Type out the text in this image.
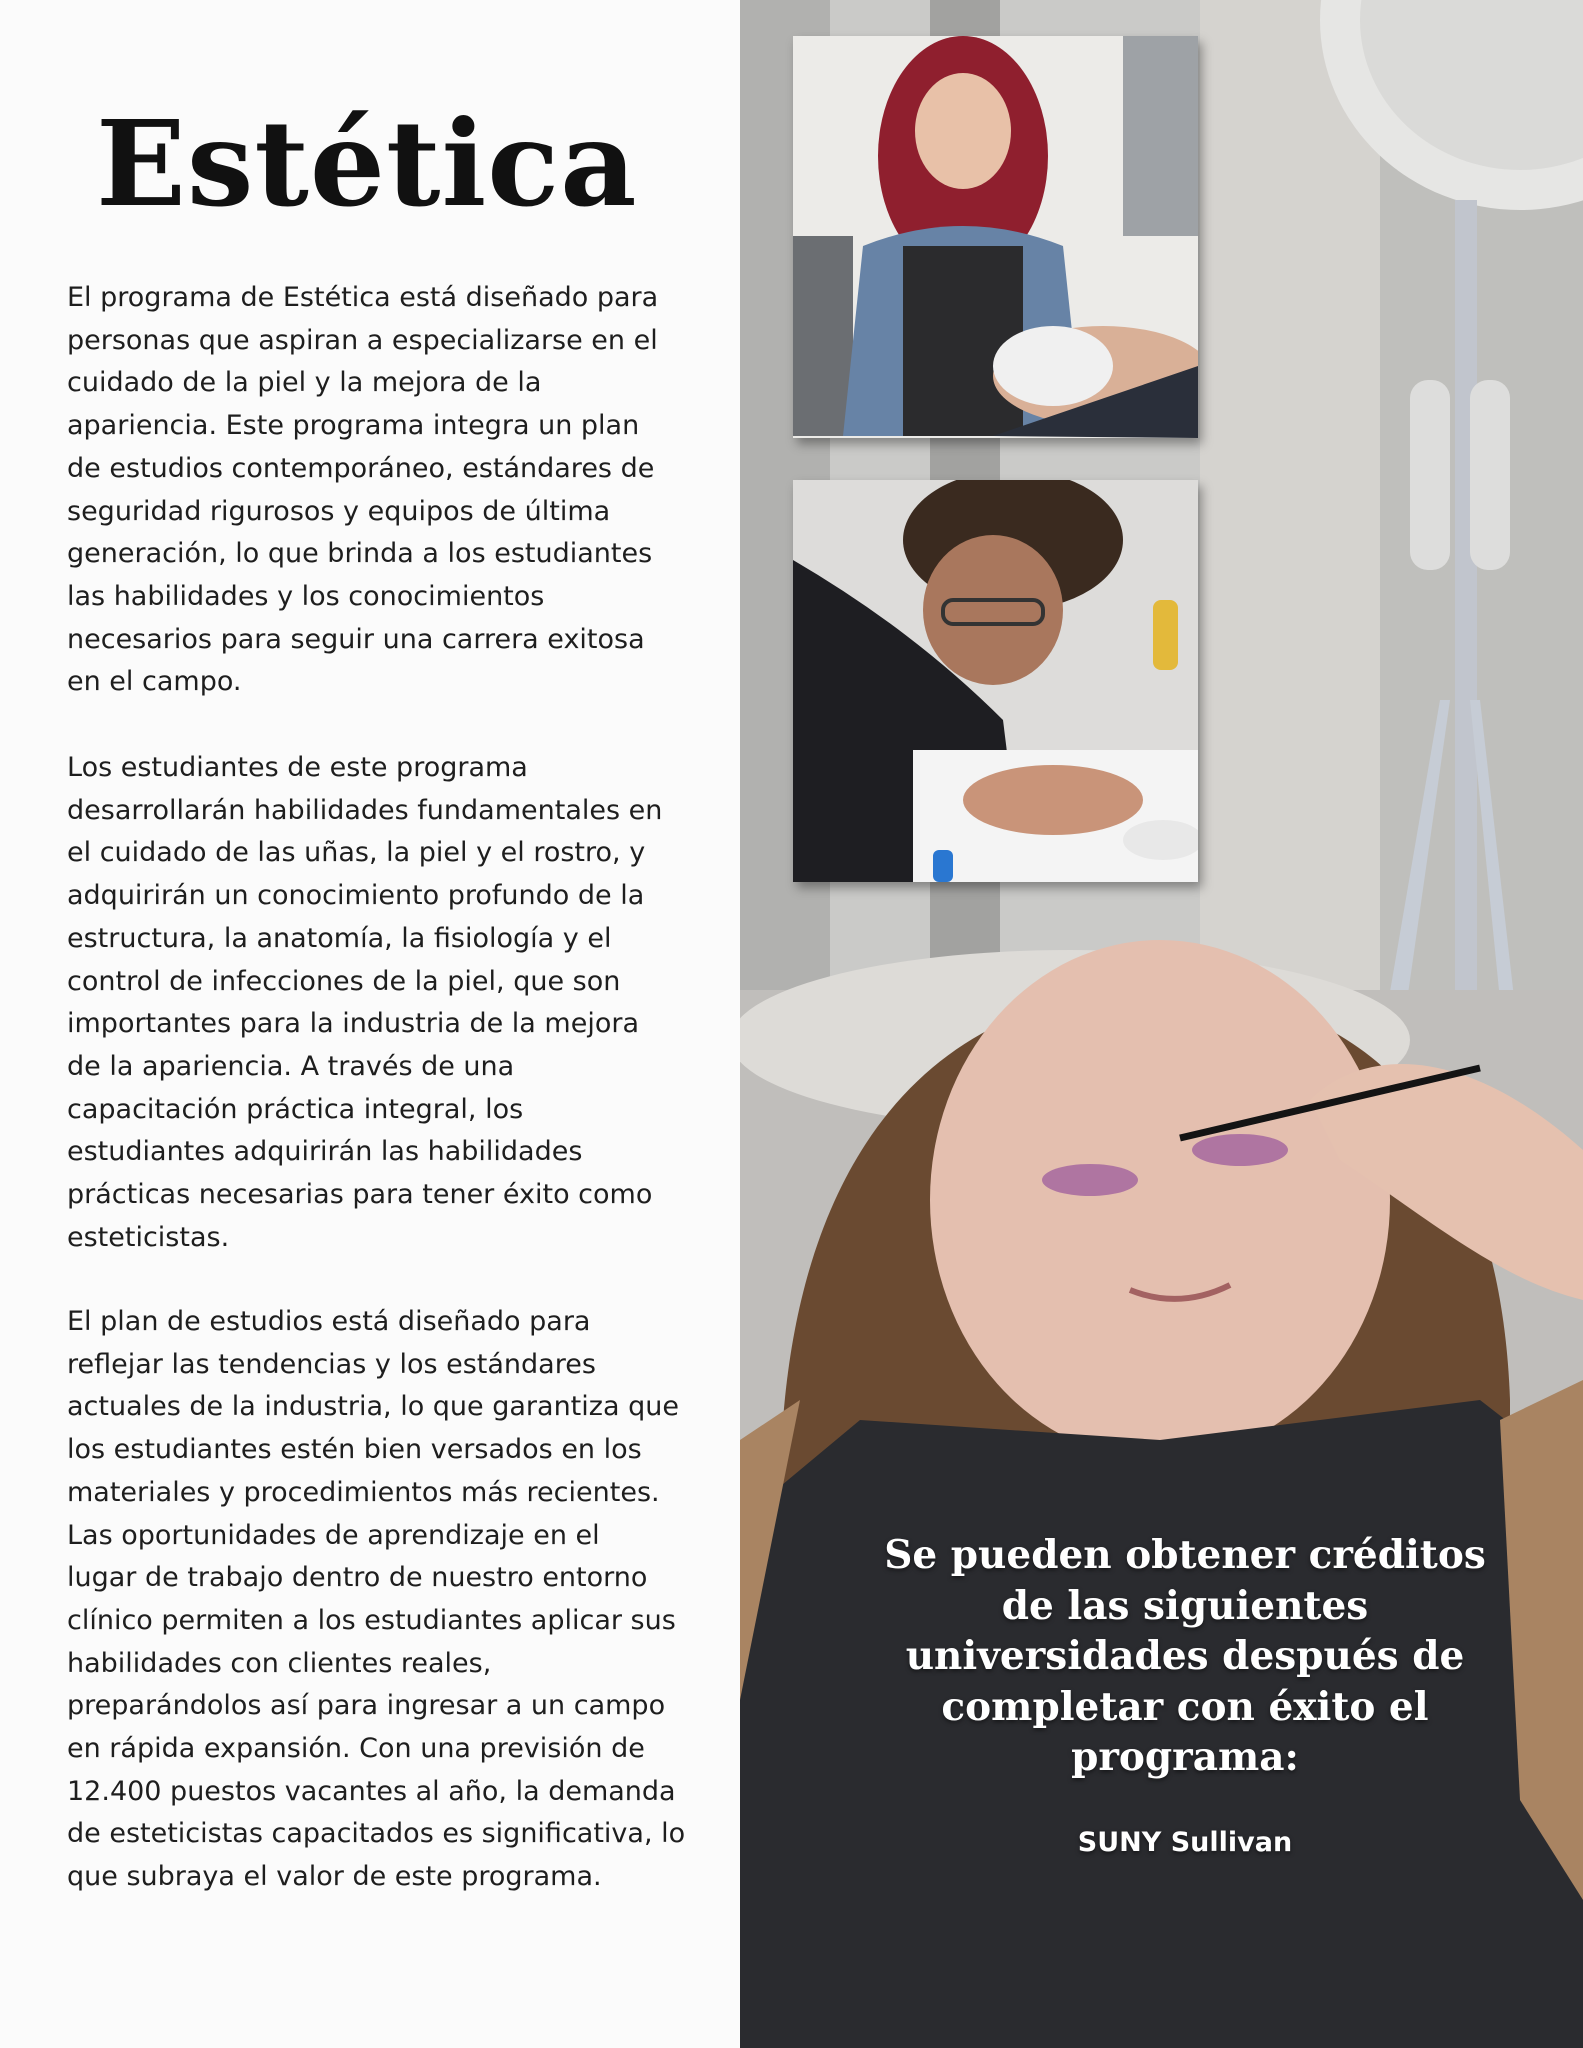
Estética

El programa de Estética está diseñado para
personas que aspiran a especializarse en el
cuidado de la piel y la mejora de la
apariencia. Este programa integra un plan
de estudios contemporáneo, estándares de
seguridad rigurosos y equipos de última
generación, lo que brinda a los estudiantes
las habilidades y los conocimientos
necesarios para seguir una carrera exitosa
en el campo.

Los estudiantes de este programa
desarrollarán habilidades fundamentales en
el cuidado de las uñas, la piel y el rostro, y
adquirirán un conocimiento profundo de la
estructura, la anatomía, la fisiología y el
control de infecciones de la piel, que son
importantes para la industria de la mejora
de la apariencia. A través de una
capacitación práctica integral, los
estudiantes adquirirán las habilidades
prácticas necesarias para tener éxito como
esteticistas.

El plan de estudios está diseñado para
reflejar las tendencias y los estándares
actuales de la industria, lo que garantiza que
los estudiantes estén bien versados en los
materiales y procedimientos más recientes.
Las oportunidades de aprendizaje en el
lugar de trabajo dentro de nuestro entorno
clínico permiten a los estudiantes aplicar sus
habilidades con clientes reales,
preparándolos así para ingresar a un campo
en rápida expansión. Con una previsión de
12.400 puestos vacantes al año, la demanda
de esteticistas capacitados es significativa, lo
que subraya el valor de este programa.

Se pueden obtener créditos
de las siguientes
universidades después de
completar con éxito el
programa:
SUNY Sullivan
